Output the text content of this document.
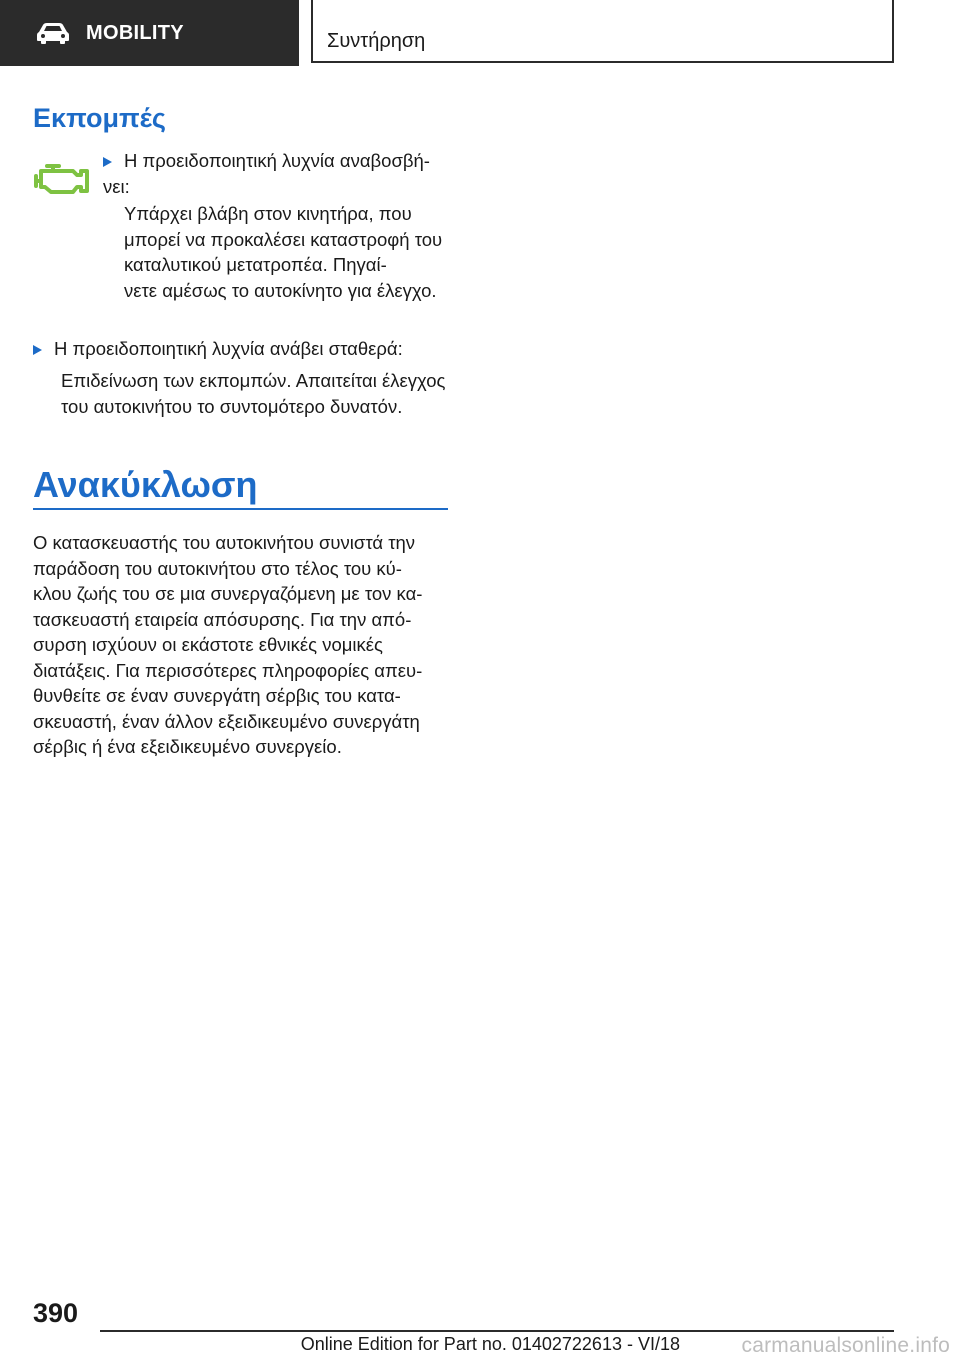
MOBILITY	Συντήρηση
Εκπομπές

Η προειδοποιητική λυχνία αναβοσβή-
νει:

Υπάρχει βλάβη στον κινητήρα, που μπορεί να προκαλέσει καταστροφή του καταλυτικού μετατροπέα. Πηγαί-
νετε αμέσως το αυτοκίνητο για έλεγχο.

Η προειδοποιητική λυχνία ανάβει σταθερά:

Επιδείνωση των εκπομπών. Απαιτείται έλεγχος του αυτοκινήτου το συντομότερο δυνατόν.

Ανακύκλωση

Ο κατασκευαστής του αυτοκινήτου συνιστά την παράδοση του αυτοκινήτου στο τέλος του κύ-
κλου ζωής του σε μια συνεργαζόμενη με τον κα-
τασκευαστή εταιρεία απόσυρσης. Για την από-
συρση ισχύουν οι εκάστοτε εθνικές νομικές διατάξεις. Για περισσότερες πληροφορίες απευ-
θυνθείτε σε έναν συνεργάτη σέρβις του κατα-
σκευαστή, έναν άλλον εξειδικευμένο συνεργάτη σέρβις ή ένα εξειδικευμένο συνεργείο.

390
Online Edition for Part no. 01402722613 - VI/18	carmanualsonline.info
